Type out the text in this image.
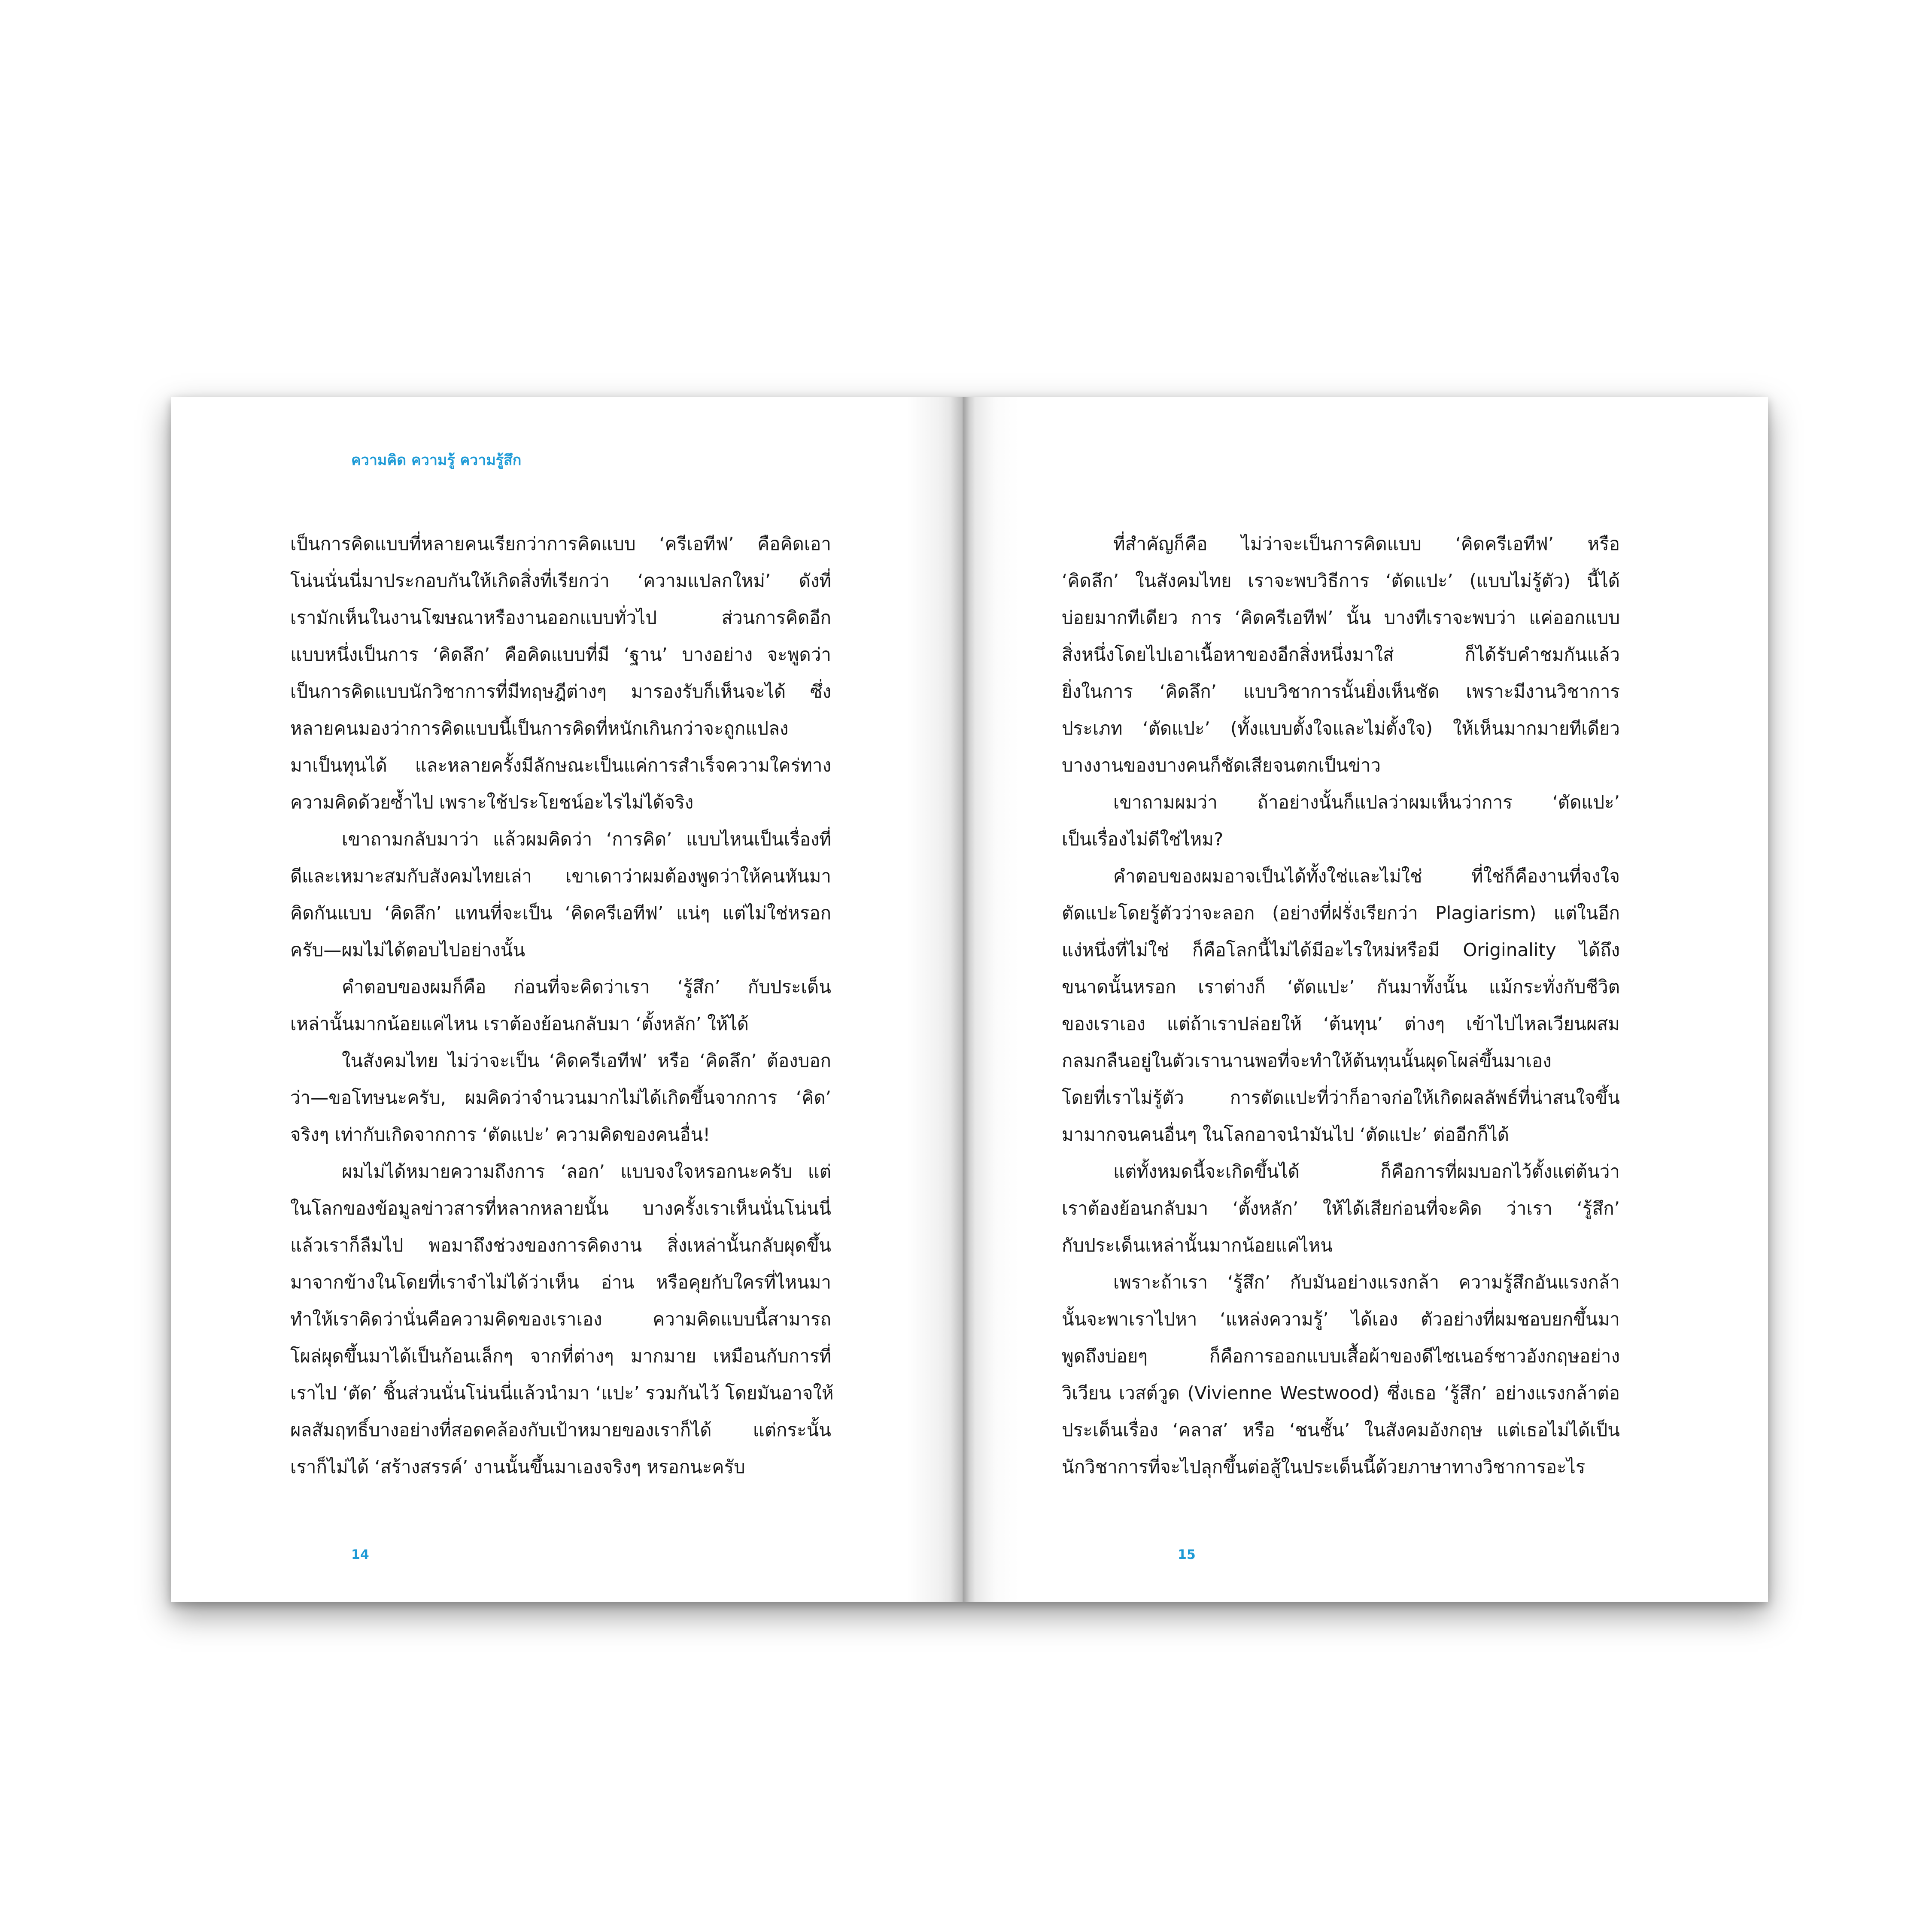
ความคิด ความรู้ ความรู้สึก
เป็นการคิดแบบที่หลายคนเรียกว่าการคิดแบบ ‘ครีเอทีฟ’ คือคิดเอา
โน่นนั่นนี่มาประกอบกันให้เกิดสิ่งที่เรียกว่า ‘ความแปลกใหม่’ ดังที่
เรามักเห็นในงานโฆษณาหรืองานออกแบบทั่วไป ส่วนการคิดอีก
แบบหนึ่งเป็นการ ‘คิดลึก’ คือคิดแบบที่มี ‘ฐาน’ บางอย่าง จะพูดว่า
เป็นการคิดแบบนักวิชาการที่มีทฤษฎีต่างๆ มารองรับก็เห็นจะได้ ซึ่ง
หลายคนมองว่าการคิดแบบนี้เป็นการคิดที่หนักเกินกว่าจะถูกแปลง
มาเป็นทุนได้ และหลายครั้งมีลักษณะเป็นแค่การสำเร็จความใคร่ทาง
ความคิดด้วยซ้ำไป เพราะใช้ประโยชน์อะไรไม่ได้จริง
เขาถามกลับมาว่า แล้วผมคิดว่า ‘การคิด’ แบบไหนเป็นเรื่องที่
ดีและเหมาะสมกับสังคมไทยเล่า เขาเดาว่าผมต้องพูดว่าให้คนหันมา
คิดกันแบบ ‘คิดลึก’ แทนที่จะเป็น ‘คิดครีเอทีฟ’ แน่ๆ แต่ไม่ใช่หรอก
ครับ—ผมไม่ได้ตอบไปอย่างนั้น
คำตอบของผมก็คือ ก่อนที่จะคิดว่าเรา ‘รู้สึก’ กับประเด็น
เหล่านั้นมากน้อยแค่ไหน เราต้องย้อนกลับมา ‘ตั้งหลัก’ ให้ได้
ในสังคมไทย ไม่ว่าจะเป็น ‘คิดครีเอทีฟ’ หรือ ‘คิดลึก’ ต้องบอก
ว่า—ขอโทษนะครับ, ผมคิดว่าจำนวนมากไม่ได้เกิดขึ้นจากการ ‘คิด’
จริงๆ เท่ากับเกิดจากการ ‘ตัดแปะ’ ความคิดของคนอื่น!
ผมไม่ได้หมายความถึงการ ‘ลอก’ แบบจงใจหรอกนะครับ แต่
ในโลกของข้อมูลข่าวสารที่หลากหลายนั้น บางครั้งเราเห็นนั่นโน่นนี่
แล้วเราก็ลืมไป พอมาถึงช่วงของการคิดงาน สิ่งเหล่านั้นกลับผุดขึ้น
มาจากข้างในโดยที่เราจำไม่ได้ว่าเห็น อ่าน หรือคุยกับใครที่ไหนมา
ทำให้เราคิดว่านั่นคือความคิดของเราเอง ความคิดแบบนี้สามารถ
โผล่ผุดขึ้นมาได้เป็นก้อนเล็กๆ จากที่ต่างๆ มากมาย เหมือนกับการที่
เราไป ‘ตัด’ ชิ้นส่วนนั่นโน่นนี่แล้วนำมา ‘แปะ’ รวมกันไว้ โดยมันอาจให้
ผลสัมฤทธิ์บางอย่างที่สอดคล้องกับเป้าหมายของเราก็ได้ แต่กระนั้น
เราก็ไม่ได้ ‘สร้างสรรค์’ งานนั้นขึ้นมาเองจริงๆ หรอกนะครับ
14
ที่สำคัญก็คือ ไม่ว่าจะเป็นการคิดแบบ ‘คิดครีเอทีฟ’ หรือ
‘คิดลึก’ ในสังคมไทย เราจะพบวิธีการ ‘ตัดแปะ’ (แบบไม่รู้ตัว) นี้ได้
บ่อยมากทีเดียว การ ‘คิดครีเอทีฟ’ นั้น บางทีเราจะพบว่า แค่ออกแบบ
สิ่งหนึ่งโดยไปเอาเนื้อหาของอีกสิ่งหนึ่งมาใส่ ก็ได้รับคำชมกันแล้ว
ยิ่งในการ ‘คิดลึก’ แบบวิชาการนั้นยิ่งเห็นชัด เพราะมีงานวิชาการ
ประเภท ‘ตัดแปะ’ (ทั้งแบบตั้งใจและไม่ตั้งใจ) ให้เห็นมากมายทีเดียว
บางงานของบางคนก็ชัดเสียจนตกเป็นข่าว
เขาถามผมว่า ถ้าอย่างนั้นก็แปลว่าผมเห็นว่าการ ‘ตัดแปะ’
เป็นเรื่องไม่ดีใช่ไหม?
คำตอบของผมอาจเป็นได้ทั้งใช่และไม่ใช่ ที่ใช่ก็คืองานที่จงใจ
ตัดแปะโดยรู้ตัวว่าจะลอก (อย่างที่ฝรั่งเรียกว่า Plagiarism) แต่ในอีก
แง่หนึ่งที่ไม่ใช่ ก็คือโลกนี้ไม่ได้มีอะไรใหม่หรือมี Originality ได้ถึง
ขนาดนั้นหรอก เราต่างก็ ‘ตัดแปะ’ กันมาทั้งนั้น แม้กระทั่งกับชีวิต
ของเราเอง แต่ถ้าเราปล่อยให้ ‘ต้นทุน’ ต่างๆ เข้าไปไหลเวียนผสม
กลมกลืนอยู่ในตัวเรานานพอที่จะทำให้ต้นทุนนั้นผุดโผล่ขึ้นมาเอง
โดยที่เราไม่รู้ตัว การตัดแปะที่ว่าก็อาจก่อให้เกิดผลลัพธ์ที่น่าสนใจขึ้น
มามากจนคนอื่นๆ ในโลกอาจนำมันไป ‘ตัดแปะ’ ต่ออีกก็ได้
แต่ทั้งหมดนี้จะเกิดขึ้นได้ ก็คือการที่ผมบอกไว้ตั้งแต่ต้นว่า
เราต้องย้อนกลับมา ‘ตั้งหลัก’ ให้ได้เสียก่อนที่จะคิด ว่าเรา ‘รู้สึก’
กับประเด็นเหล่านั้นมากน้อยแค่ไหน
เพราะถ้าเรา ‘รู้สึก’ กับมันอย่างแรงกล้า ความรู้สึกอันแรงกล้า
นั้นจะพาเราไปหา ‘แหล่งความรู้’ ได้เอง ตัวอย่างที่ผมชอบยกขึ้นมา
พูดถึงบ่อยๆ ก็คือการออกแบบเสื้อผ้าของดีไซเนอร์ชาวอังกฤษอย่าง
วิเวียน เวสต์วูด (Vivienne Westwood) ซึ่งเธอ ‘รู้สึก’ อย่างแรงกล้าต่อ
ประเด็นเรื่อง ‘คลาส’ หรือ ‘ชนชั้น’ ในสังคมอังกฤษ แต่เธอไม่ได้เป็น
นักวิชาการที่จะไปลุกขึ้นต่อสู้ในประเด็นนี้ด้วยภาษาทางวิชาการอะไร
15
